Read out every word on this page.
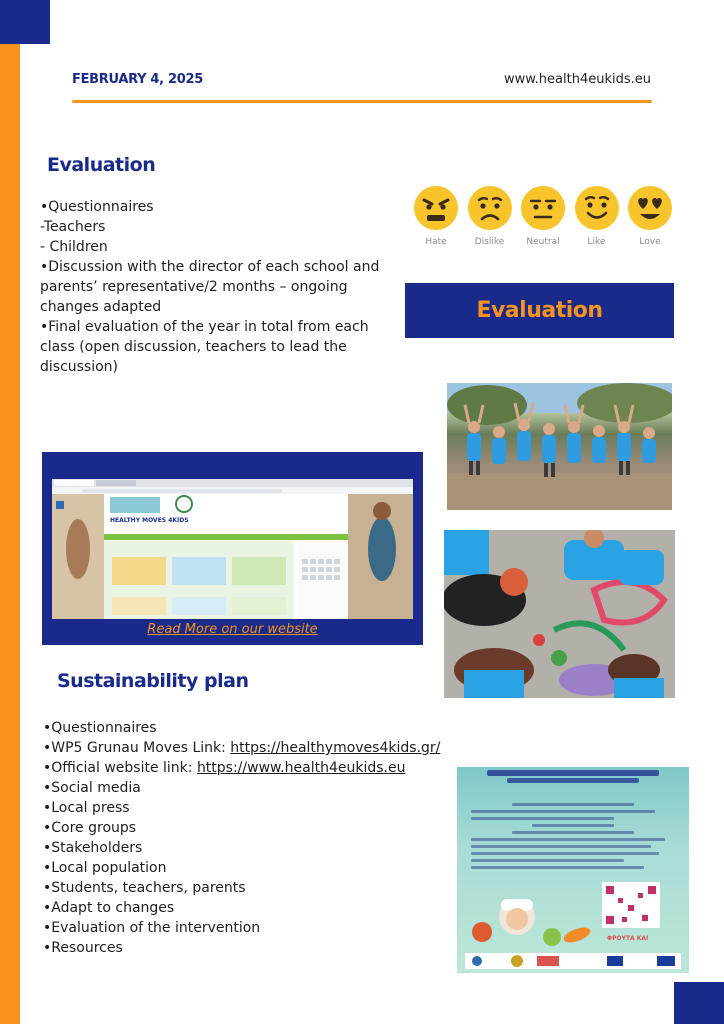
FEBRUARY 4, 2025	www.health4eukids.eu
Evaluation
•Questionnaires
-Teachers
- Children
•Discussion with the director of each school and parents’ representative/2 months – ongoing changes adapted
•Final evaluation of the year in total from each class (open discussion, teachers to lead the discussion)
Hate	Dislike Neutral	Like	Love
Evaluation
HEALTHY MOVES 4KIDS
Read More on our website
Sustainability plan
•Questionnaires
•WP5 Grunau Moves Link: https://healthymoves4kids.gr/
•Official website link: https://www.health4eukids.eu
•Social media
•Local press
•Core groups
•Stakeholders
•Local population
•Students, teachers, parents
•Adapt to changes
•Evaluation of the intervention
•Resources
ΦΡΟΥΤΑ ΚΑΙ
